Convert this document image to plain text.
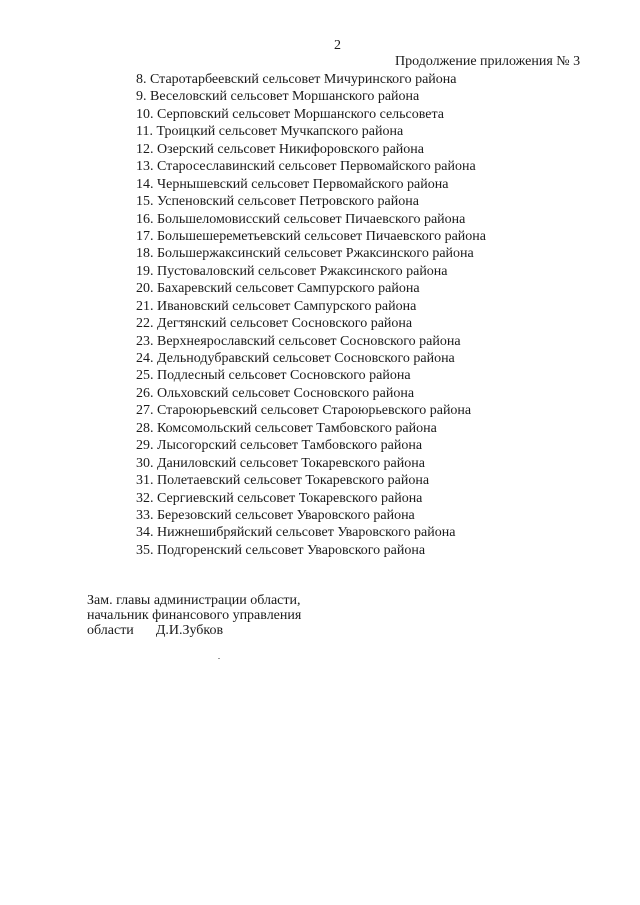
2
Продолжение приложения № 3
8. Старотарбеевский сельсовет Мичуринского района
9. Веселовский сельсовет Моршанского района
10. Серповский сельсовет Моршанского сельсовета
11. Троицкий сельсовет Мучкапского района
12. Озерский сельсовет Никифоровского района
13. Старосеславинский сельсовет Первомайского района
14. Чернышевский сельсовет Первомайского района
15. Успеновский сельсовет Петровского района
16. Большеломовисский сельсовет Пичаевского района
17. Большешереметьевский сельсовет Пичаевского района
18. Большержаксинский сельсовет Ржаксинского района
19. Пустоваловский сельсовет Ржаксинского района
20. Бахаревский сельсовет Сампурского района
21. Ивановский сельсовет Сампурского района
22. Дегтянский сельсовет Сосновского района
23. Верхнеярославский сельсовет Сосновского района
24. Дельнодубравский сельсовет Сосновского района
25. Подлесный сельсовет Сосновского района
26. Ольховский сельсовет Сосновского района
27. Староюрьевский сельсовет Староюрьевского района
28. Комсомольский сельсовет Тамбовского района
29. Лысогорский сельсовет Тамбовского района
30. Даниловский сельсовет Токаревского района
31. Полетаевский сельсовет Токаревского района
32. Сергиевский сельсовет Токаревского района
33. Березовский сельсовет Уваровского района
34. Нижнешибряйский сельсовет Уваровского района
35. Подгоренский сельсовет Уваровского района
Зам. главы администрации области,
начальник финансового управления
области Д.И.Зубков
